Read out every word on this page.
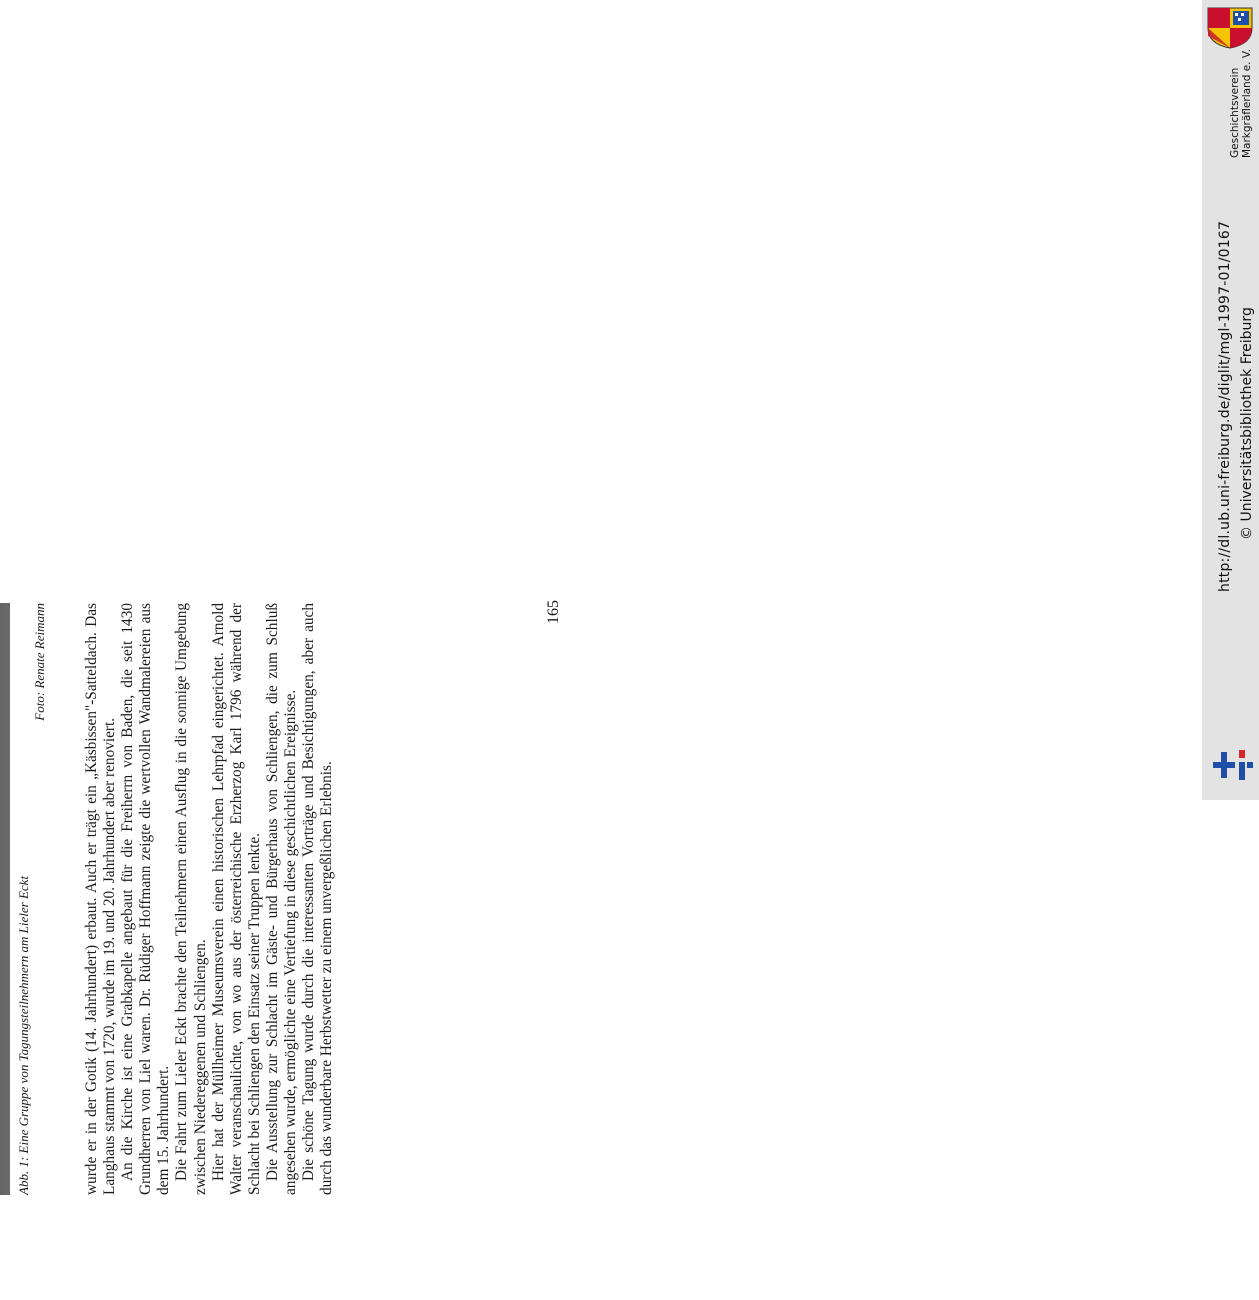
Abb. 1: Eine Gruppe von Tagungsteilnehmern am Lieler Eckt
Foto: Renate Reimann wurde er in der Gotik (14. Jahrhundert) erbaut. Auch er trägt ein „Käsbissen"-Satteldach. Das Langhaus stammt von 1720, wurde im 19. und 20. Jahrhundert aber renoviert. An die Kirche ist eine Grabkapelle angebaut für die Freiherrn von Baden, die seit 1430 Grundherren von Liel waren. Dr. Rüdiger Hoffmann zeigte die wertvollen Wandmalereien aus dem 15. Jahrhundert. Die Fahrt zum Lieler Eckt brachte den Teilnehmern einen Ausflug in die sonnige Umgebung zwischen Niedereggenen und Schliengen. Hier hat der Müllheimer Museumsverein einen historischen Lehrpfad eingerichtet. Arnold Walter veranschaulichte, von wo aus der österreichische Erzherzog Karl 1796 während der Schlacht bei Schliengen den Einsatz seiner Truppen lenkte. Die Ausstellung zur Schlacht im Gäste- und Bürgerhaus von Schliengen, die zum Schluß angesehen wurde, ermöglichte eine Vertiefung in diese geschichtlichen Ereignisse. Die schöne Tagung wurde durch die interessanten Vorträge und Besichtigungen, aber auch durch das wunderbare Herbstwetter zu einem unvergeßlichen Erlebnis.

165
Geschichtsverein Markgräflerland e. V.
http://dl.ub.uni-freiburg.de/diglit/mgl-1997-01/0167 © Universitätsbibliothek Freiburg
